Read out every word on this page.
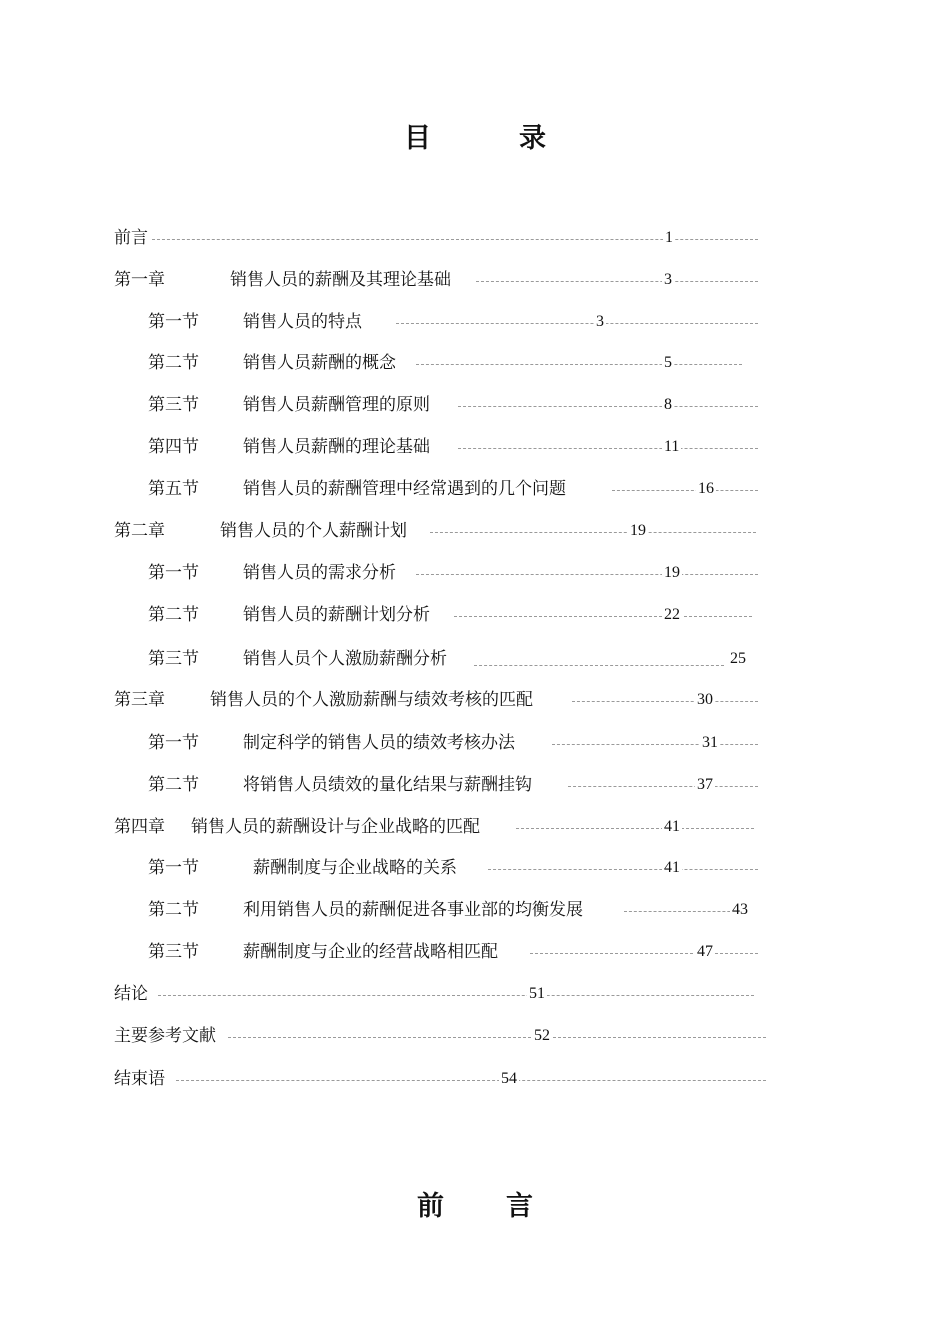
目	录
前言	1
第一章	销售人员的薪酬及其理论基础	3
第一节	销售人员的特点	3
第二节	销售人员薪酬的概念	5
第三节	销售人员薪酬管理的原则	8
第四节	销售人员薪酬的理论基础	11
第五节	销售人员的薪酬管理中经常遇到的几个问题	16
第二章	销售人员的个人薪酬计划	19
第一节	销售人员的需求分析	19
第二节	销售人员的薪酬计划分析	22
第三节	销售人员个人激励薪酬分析	25
第三章	销售人员的个人激励薪酬与绩效考核的匹配	30
第一节	制定科学的销售人员的绩效考核办法	31
第二节	将销售人员绩效的量化结果与薪酬挂钩	37
第四章 销售人员的薪酬设计与企业战略的匹配	41
第一节	薪酬制度与企业战略的关系	41
第二节	利用销售人员的薪酬促进各事业部的均衡发展	43
第三节	薪酬制度与企业的经营战略相匹配	47
结论	51
主要参考文献	52
结束语	54
前 言
